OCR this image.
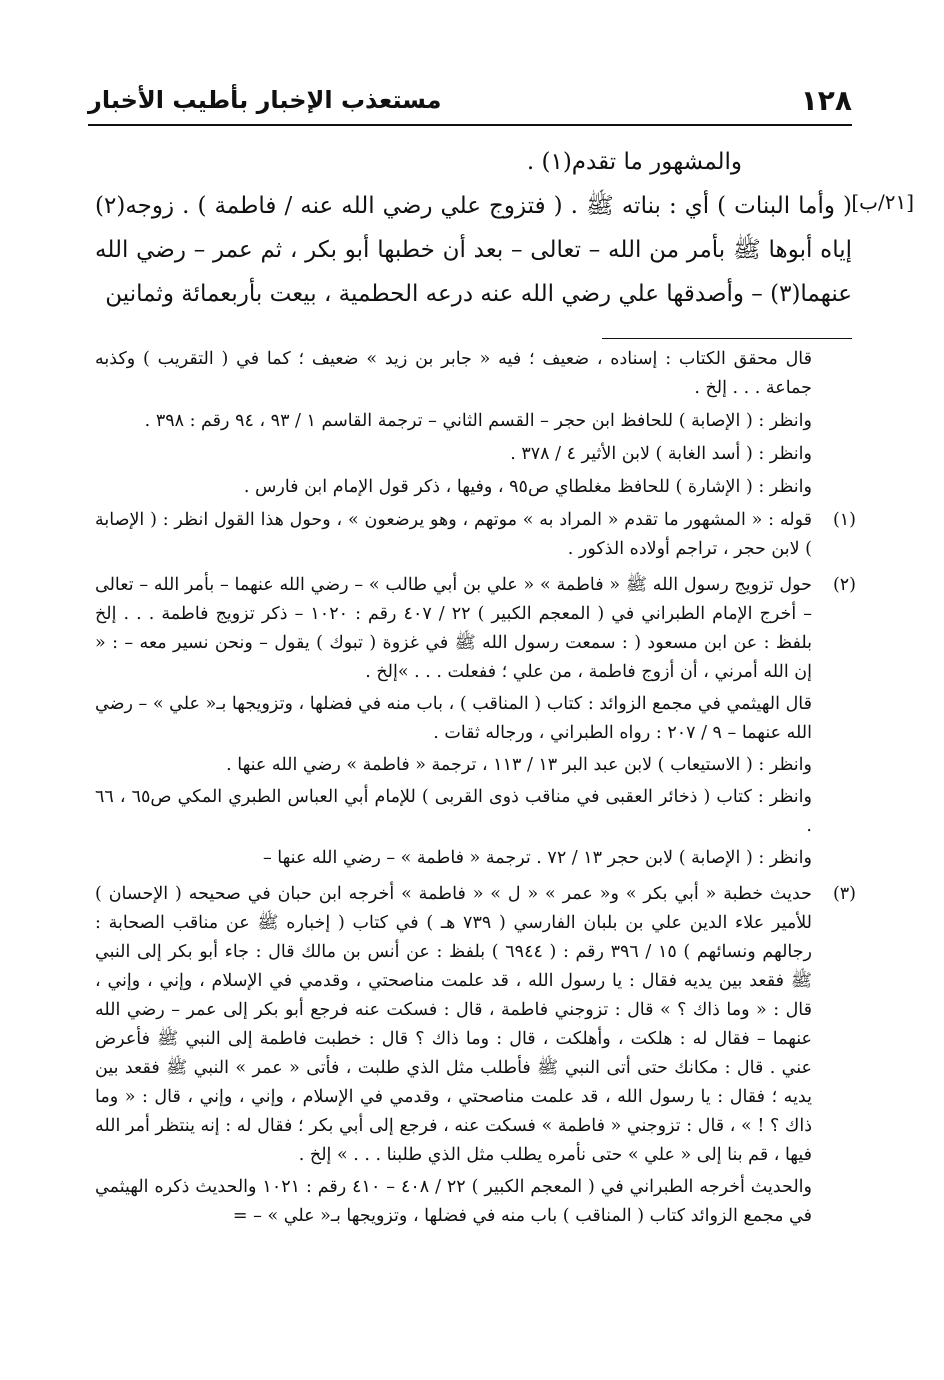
١٢٨
مستعذب الإخبار بأطيب الأخبار
[٢١/ب]

والمشهور ما تقدم(١) .

( وأما البنات ) أي : بناته ﷺ . ( فتزوج علي رضي الله عنه / فاطمة ) . زوجه(٢) إياه أبوها ﷺ بأمر من الله – تعالى – بعد أن خطبها أبو بكر ، ثم عمر – رضي الله عنهما(٣) – وأصدقها علي رضي الله عنه درعه الحطمية ، بيعت بأربعمائة وثمانين

قال محقق الكتاب : إسناده ، ضعيف ؛ فيه « جابر بن زيد » ضعيف ؛ كما في ( التقريب ) وكذبه جماعة . . . إلخ .

وانظر : ( الإصابة ) للحافظ ابن حجر – القسم الثاني – ترجمة القاسم ١ / ٩٣ ، ٩٤ رقم : ٣٩٨ .

وانظر : ( أسد الغابة ) لابن الأثير ٤ / ٣٧٨ .

وانظر : ( الإشارة ) للحافظ مغلطاي ص٩٥ ، وفيها ، ذكر قول الإمام ابن فارس .

(١)

قوله : « المشهور ما تقدم « المراد به » موتهم ، وهو يرضعون » ، وحول هذا القول انظر : ( الإصابة ) لابن حجر ، تراجم أولاده الذكور .

(٢)

حول تزويج رسول الله ﷺ « فاطمة » « علي بن أبي طالب » – رضي الله عنهما – بأمر الله – تعالى – أخرج الإمام الطبراني في ( المعجم الكبير ) ٢٢ / ٤٠٧ رقم : ١٠٢٠ – ذكر تزويج فاطمة . . . إلخ بلفظ : عن ابن مسعود ( : سمعت رسول الله ﷺ في غزوة ( تبوك ) يقول – ونحن نسير معه – : « إن الله أمرني ، أن أزوج فاطمة ، من علي ؛ ففعلت . . . »إلخ .

قال الهيثمي في مجمع الزوائد : كتاب ( المناقب ) ، باب منه في فضلها ، وتزويجها بـ« علي » – رضي الله عنهما – ٩ / ٢٠٧ : رواه الطبراني ، ورجاله ثقات .

وانظر : ( الاستيعاب ) لابن عبد البر ١٣ / ١١٣ ، ترجمة « فاطمة » رضي الله عنها .

وانظر : كتاب ( ذخائر العقبى في مناقب ذوى القربى ) للإمام أبي العباس الطبري المكي ص٦٥ ، ٦٦ .

وانظر : ( الإصابة ) لابن حجر ١٣ / ٧٢ . ترجمة « فاطمة » – رضي الله عنها –

(٣)

حديث خطبة « أبي بكر » و« عمر » « ل » « فاطمة » أخرجه ابن حبان في صحيحه ( الإحسان ) للأمير علاء الدين علي بن بلبان الفارسي ( ٧٣٩ هـ ) في كتاب ( إخباره ﷺ عن مناقب الصحابة : رجالهم ونسائهم ) ١٥ / ٣٩٦ رقم : ( ٦٩٤٤ ) بلفظ : عن أنس بن مالك قال : جاء أبو بكر إلى النبي ﷺ فقعد بين يديه فقال : يا رسول الله ، قد علمت مناصحتي ، وقدمي في الإسلام ، وإني ، وإني ، قال : « وما ذاك ؟ » قال : تزوجني فاطمة ، قال : فسكت عنه فرجع أبو بكر إلى عمر – رضي الله عنهما – فقال له : هلكت ، وأهلكت ، قال : وما ذاك ؟ قال : خطبت فاطمة إلى النبي ﷺ فأعرض عني . قال : مكانك حتى أتى النبي ﷺ فأطلب مثل الذي طلبت ، فأتى « عمر » النبي ﷺ فقعد بين يديه ؛ فقال : يا رسول الله ، قد علمت مناصحتي ، وقدمي في الإسلام ، وإني ، وإني ، قال : « وما ذاك ؟ ! » ، قال : تزوجني « فاطمة » فسكت عنه ، فرجع إلى أبي بكر ؛ فقال له : إنه ينتظر أمر الله فيها ، قم بنا إلى « علي » حتى نأمره يطلب مثل الذي طلبنا . . . » إلخ .

والحديث أخرجه الطبراني في ( المعجم الكبير ) ٢٢ / ٤٠٨ – ٤١٠ رقم : ١٠٢١ والحديث ذكره الهيثمي في مجمع الزوائد كتاب ( المناقب ) باب منه في فضلها ، وتزويجها بـ« علي » – =
